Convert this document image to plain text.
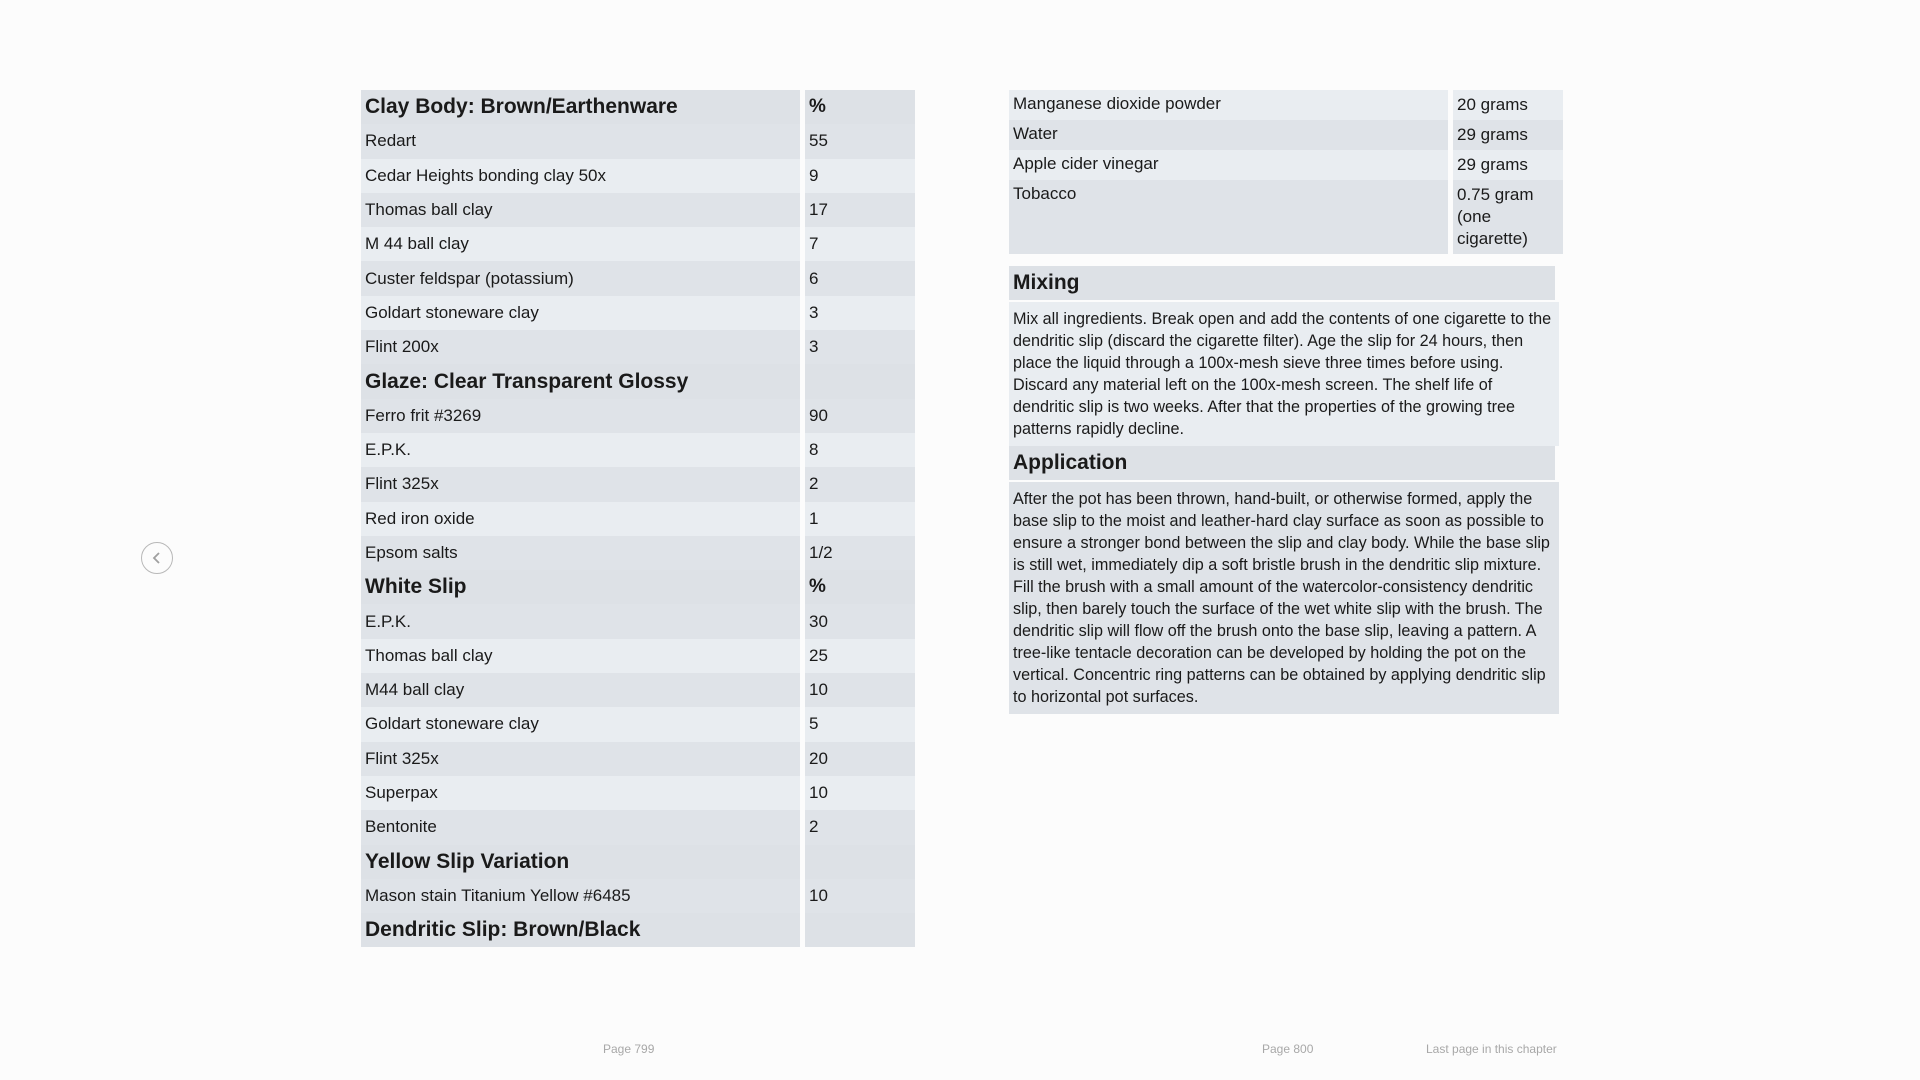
Clay Body: Brown/Earthenware	%
Redart	55
Cedar Heights bonding clay 50x	9
Thomas ball clay	17
M 44 ball clay	7
Custer feldspar (potassium)	6
Goldart stoneware clay	3
Flint 200x	3
Glaze: Clear Transparent Glossy	
Ferro frit #3269	90
E.P.K.	8
Flint 325x	2
Red iron oxide	1
Epsom salts	1/2
White Slip	%
E.P.K.	30
Thomas ball clay	25
M44 ball clay	10
Goldart stoneware clay	5
Flint 325x	20
Superpax	10
Bentonite	2
Yellow Slip Variation	
Mason stain Titanium Yellow #6485	10
Dendritic Slip: Brown/Black	
Manganese dioxide powder	20 grams
Water	29 grams
Apple cider vinegar	29 grams
Tobacco	0.75 gram (one cigarette)
Mixing
Mix all ingredients. Break open and add the contents of one cigarette to the dendritic slip (discard the cigarette filter). Age the slip for 24 hours, then place the liquid through a 100x-mesh sieve three times before using. Discard any material left on the 100x-mesh screen. The shelf life of dendritic slip is two weeks. After that the properties of the growing tree patterns rapidly decline.
Application
After the pot has been thrown, hand-built, or otherwise formed, apply the base slip to the moist and leather-hard clay surface as soon as possible to ensure a stronger bond between the slip and clay body. While the base slip is still wet, immediately dip a soft bristle brush in the dendritic slip mixture. Fill the brush with a small amount of the watercolor-consistency dendritic slip, then barely touch the surface of the wet white slip with the brush. The dendritic slip will flow off the brush onto the base slip, leaving a pattern. A tree-like tentacle decoration can be developed by holding the pot on the vertical. Concentric ring patterns can be obtained by applying dendritic slip to horizontal pot surfaces.
Page 799	Page 800	Last page in this chapter
